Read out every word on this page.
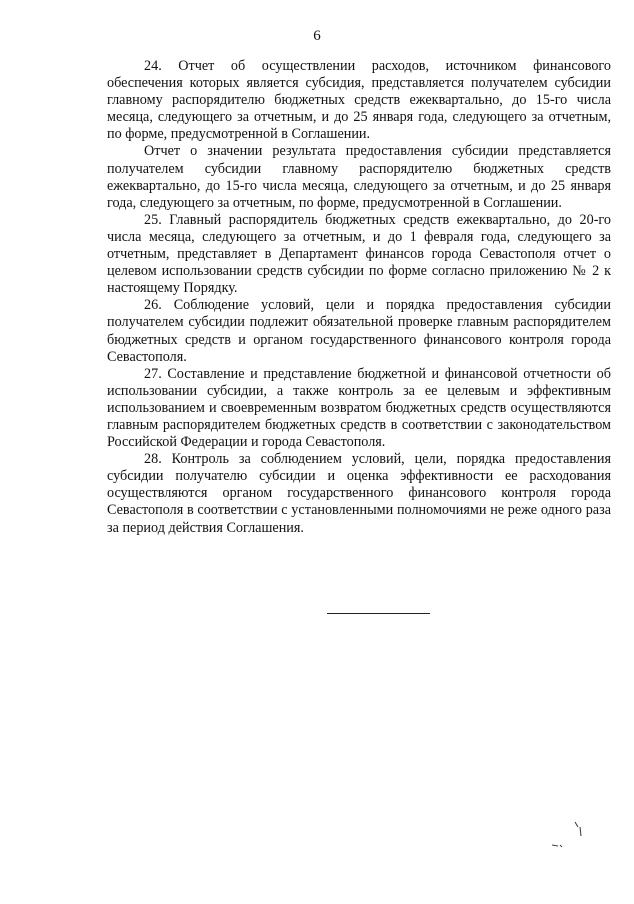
6

24. Отчет об осуществлении расходов, источником финансового обеспечения которых является субсидия, представляется получателем субсидии главному распорядителю бюджетных средств ежеквартально, до 15-го числа месяца, следующего за отчетным, и до 25 января года, следующего за отчетным, по форме, предусмотренной в Соглашении.

Отчет о значении результата предоставления субсидии представляется получателем субсидии главному распорядителю бюджетных средств ежеквартально, до 15-го числа месяца, следующего за отчетным, и до 25 января года, следующего за отчетным, по форме, предусмотренной в Соглашении.

25. Главный распорядитель бюджетных средств ежеквартально, до 20-го числа месяца, следующего за отчетным, и до 1 февраля года, следующего за отчетным, представляет в Департамент финансов города Севастополя отчет о целевом использовании средств субсидии по форме согласно приложению № 2 к настоящему Порядку.

26. Соблюдение условий, цели и порядка предоставления субсидии получателем субсидии подлежит обязательной проверке главным распорядителем бюджетных средств и органом государственного финансового контроля города Севастополя.

27. Составление и представление бюджетной и финансовой отчетности об использовании субсидии, а также контроль за ее целевым и эффективным использованием и своевременным возвратом бюджетных средств осуществляются главным распорядителем бюджетных средств в соответствии с законодательством Российской Федерации и города Севастополя.

28. Контроль за соблюдением условий, цели, порядка предоставления субсидии получателю субсидии и оценка эффективности ее расходования осуществляются органом государственного финансового контроля города Севастополя в соответствии с установленными полномочиями не реже одного раза за период действия Соглашения.
